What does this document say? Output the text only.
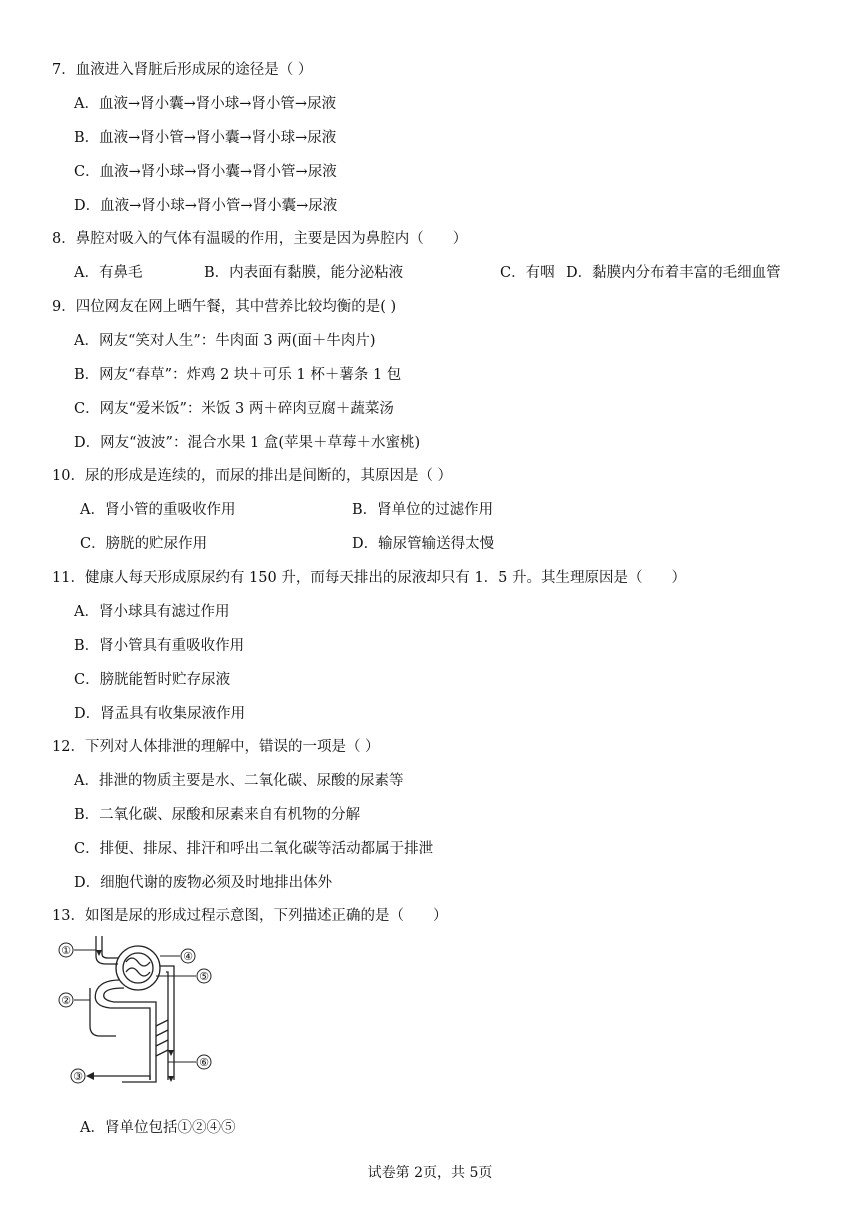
7．血液进入肾脏后形成尿的途径是（ ）
A．血液→肾小囊→肾小球→肾小管→尿液
B．血液→肾小管→肾小囊→肾小球→尿液
C．血液→肾小球→肾小囊→肾小管→尿液
D．血液→肾小球→肾小管→肾小囊→尿液
8．鼻腔对吸入的气体有温暖的作用，主要是因为鼻腔内（　　）
A．有鼻毛	B．内表面有黏膜，能分泌粘液	C．有咽 D．黏膜内分布着丰富的毛细血管
9．四位网友在网上晒午餐，其中营养比较均衡的是( )
A．网友“笑对人生”：牛肉面 3 两(面＋牛肉片)
B．网友“春草”：炸鸡 2 块＋可乐 1 杯＋薯条 1 包
C．网友“爱米饭”：米饭 3 两＋碎肉豆腐＋蔬菜汤
D．网友“波波”：混合水果 1 盒(苹果＋草莓＋水蜜桃)
10．尿的形成是连续的，而尿的排出是间断的，其原因是（ ）
A．肾小管的重吸收作用	B．肾单位的过滤作用
C．膀胱的贮尿作用	D．输尿管输送得太慢
11．健康人每天形成原尿约有 150 升，而每天排出的尿液却只有 1．5 升。其生理原因是（　　）
A．肾小球具有滤过作用
B．肾小管具有重吸收作用
C．膀胱能暂时贮存尿液
D．肾盂具有收集尿液作用
12．下列对人体排泄的理解中，错误的一项是（ ）
A．排泄的物质主要是水、二氧化碳、尿酸的尿素等
B．二氧化碳、尿酸和尿素来自有机物的分解
C．排便、排尿、排汗和呼出二氧化碳等活动都属于排泄
D．细胞代谢的废物必须及时地排出体外
13．如图是尿的形成过程示意图，下列描述正确的是（　　）
①
②
③
④
⑤
⑥
A．肾单位包括①②④⑤
试卷第 2页，共 5页
